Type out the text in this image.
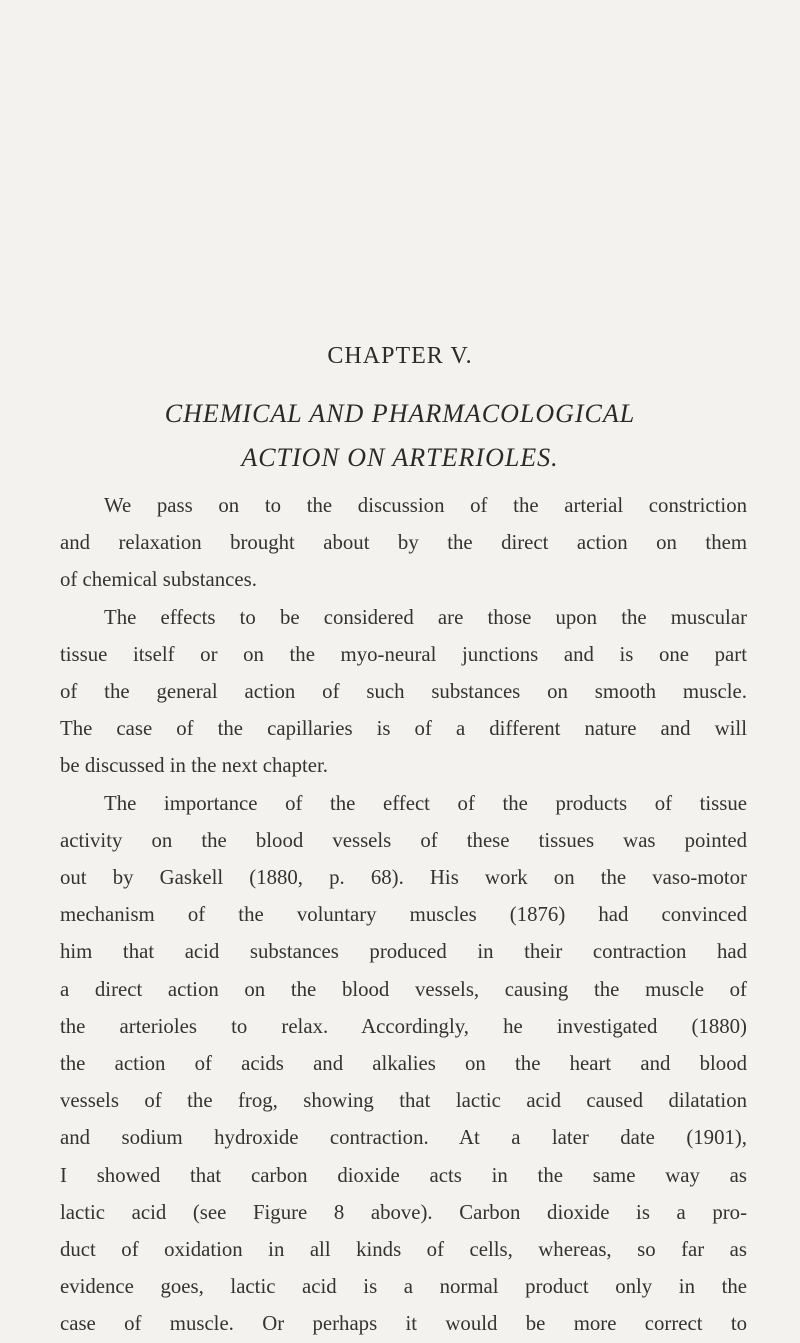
CHAPTER V.
CHEMICAL AND PHARMACOLOGICAL
ACTION ON ARTERIOLES.

We pass on to the discussion of the arterial constriction
and relaxation brought about by the direct action on them
of chemical substances.

The effects to be considered are those upon the muscular
tissue itself or on the myo-neural junctions and is one part
of the general action of such substances on smooth muscle.
The case of the capillaries is of a different nature and will
be discussed in the next chapter.

The importance of the effect of the products of tissue
activity on the blood vessels of these tissues was pointed
out by Gaskell (1880, p. 68). His work on the vaso-motor
mechanism of the voluntary muscles (1876) had convinced
him that acid substances produced in their contraction had
a direct action on the blood vessels, causing the muscle of
the arterioles to relax. Accordingly, he investigated (1880)
the action of acids and alkalies on the heart and blood
vessels of the frog, showing that lactic acid caused dilatation
and sodium hydroxide contraction. At a later date (1901),
I showed that carbon dioxide acts in the same way as
lactic acid (see Figure 8 above). Carbon dioxide is a pro-
duct of oxidation in all kinds of cells, whereas, so far as
evidence goes, lactic acid is a normal product only in the
case of muscle. Or perhaps it would be more correct to
